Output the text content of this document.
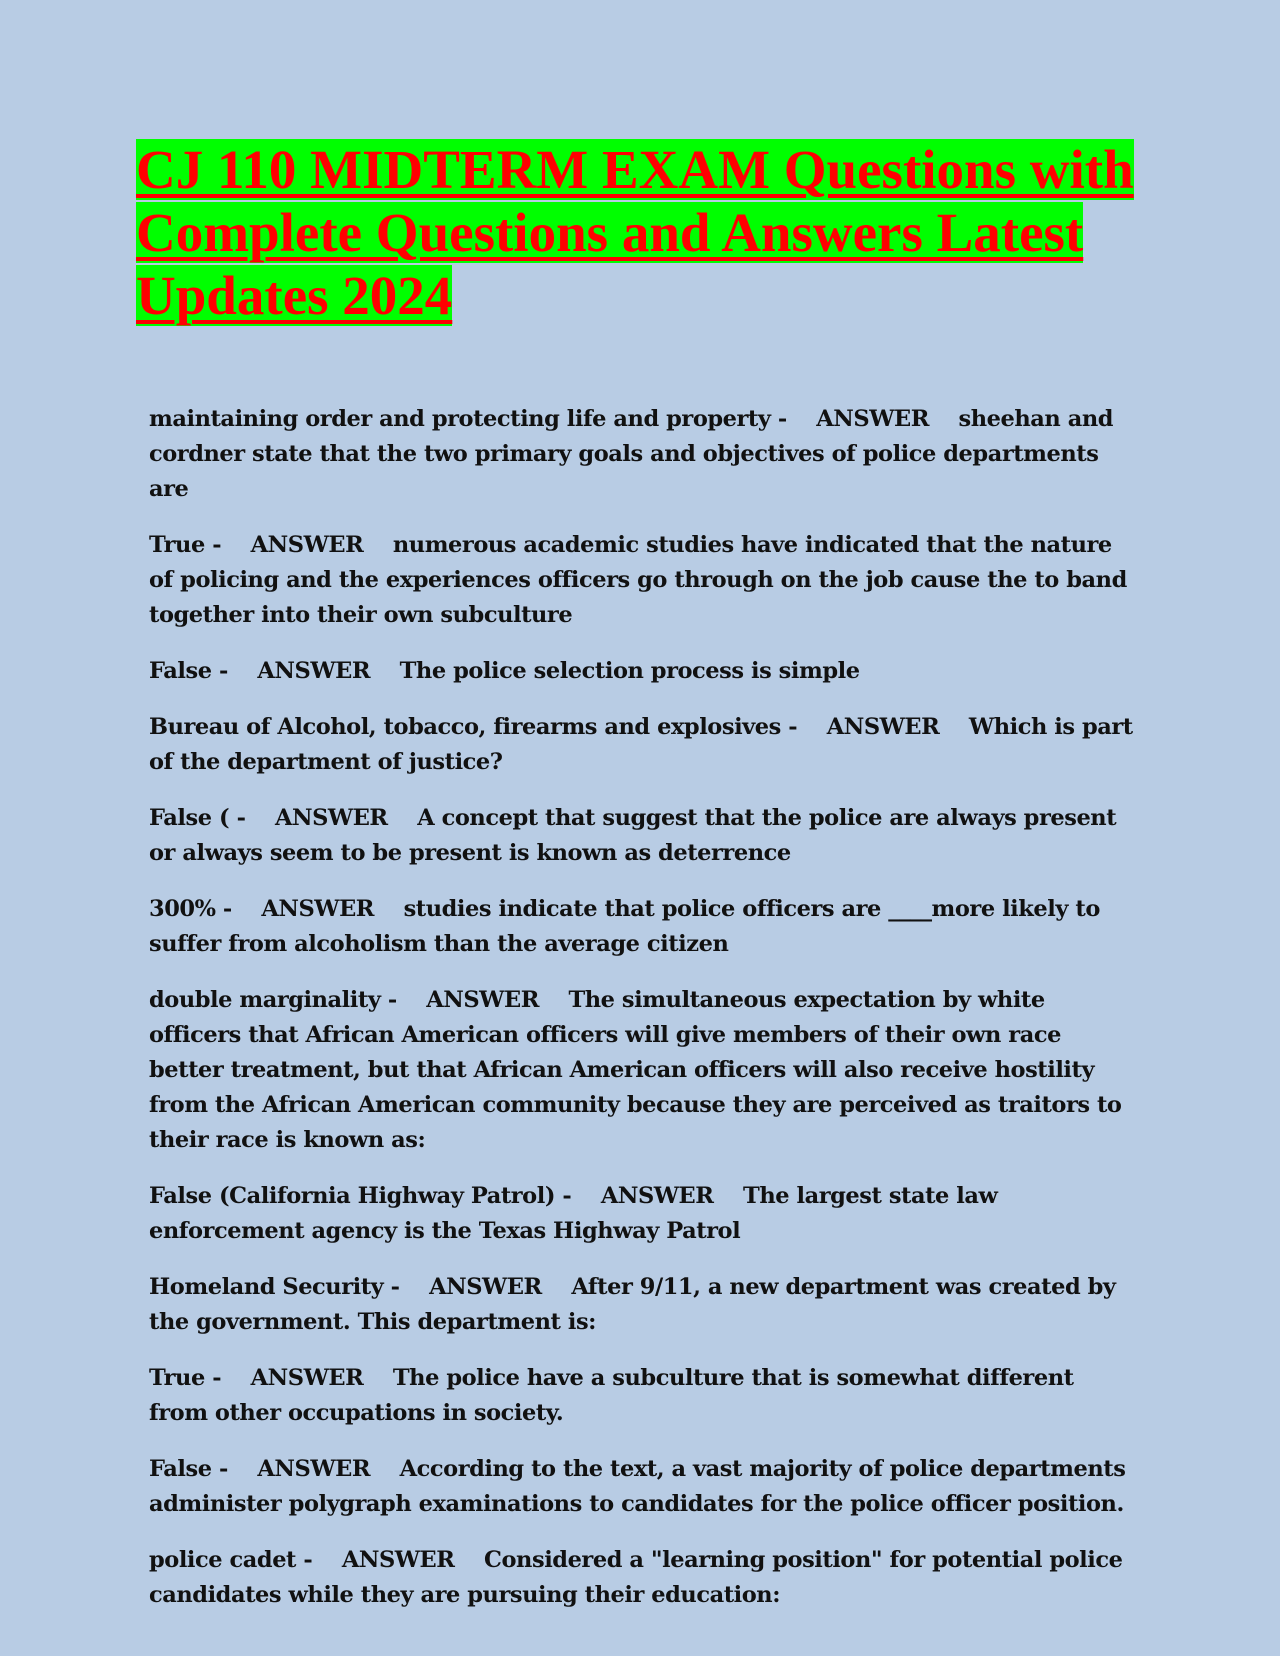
CJ 110 MIDTERM EXAM Questions with Complete Questions and Answers Latest Updates 2024

maintaining order and protecting life and property -    ANSWER    sheehan and cordner state that the two primary goals and objectives of police departments are

True -    ANSWER    numerous academic studies have indicated that the nature of policing and the experiences officers go through on the job cause the to band together into their own subculture

False -    ANSWER    The police selection process is simple

Bureau of Alcohol, tobacco, firearms and explosives -    ANSWER    Which is part of the department of justice?

False ( -    ANSWER    A concept that suggest that the police are always present or always seem to be present is known as deterrence

300% -    ANSWER    studies indicate that police officers are ____more likely to suffer from alcoholism than the average citizen

double marginality -    ANSWER    The simultaneous expectation by white officers that African American officers will give members of their own race better treatment, but that African American officers will also receive hostility from the African American community because they are perceived as traitors to their race is known as:

False (California Highway Patrol) -    ANSWER    The largest state law enforcement agency is the Texas Highway Patrol

Homeland Security -    ANSWER    After 9/11, a new department was created by the government. This department is:

True -    ANSWER    The police have a subculture that is somewhat different from other occupations in society.

False -    ANSWER    According to the text, a vast majority of police departments administer polygraph examinations to candidates for the police officer position.

police cadet -    ANSWER    Considered a "learning position" for potential police candidates while they are pursuing their education:
